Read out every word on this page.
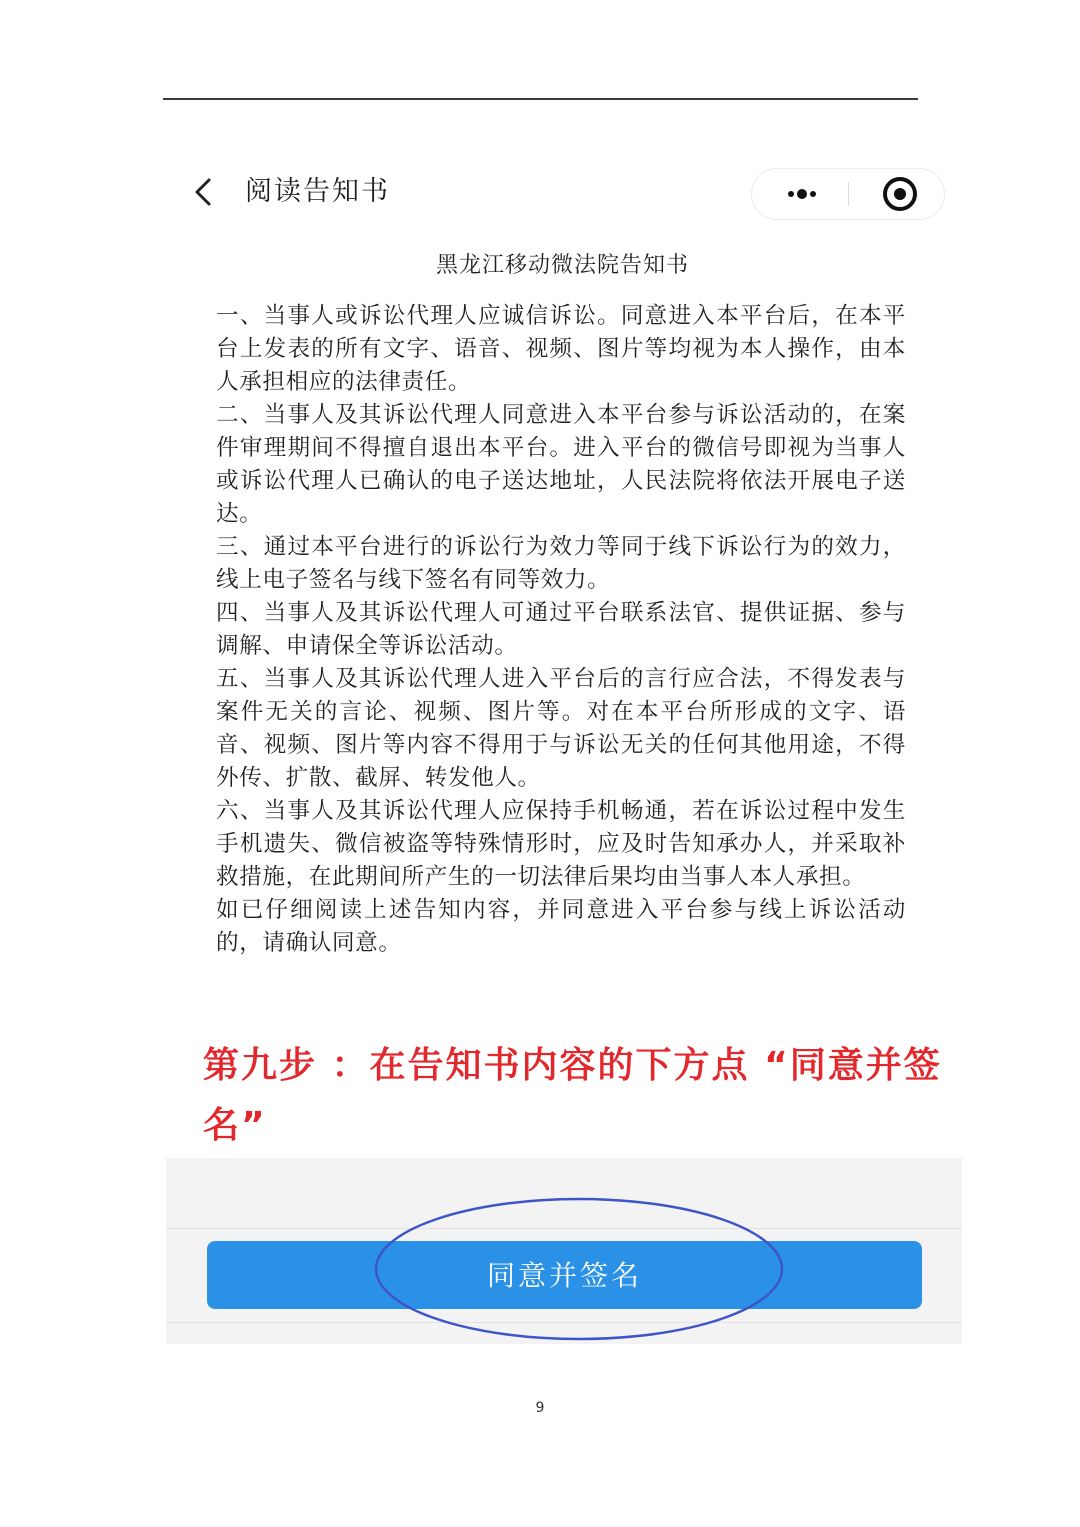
阅读告知书
黑龙江移动微法院告知书

一、当事人或诉讼代理人应诚信诉讼。同意进入本平台后，在本平台上发表的所有文字、语音、视频、图片等均视为本人操作，由本人承担相应的法律责任。

二、当事人及其诉讼代理人同意进入本平台参与诉讼活动的，在案件审理期间不得擅自退出本平台。进入平台的微信号即视为当事人或诉讼代理人已确认的电子送达地址，人民法院将依法开展电子送达。

三、通过本平台进行的诉讼行为效力等同于线下诉讼行为的效力，线上电子签名与线下签名有同等效力。

四、当事人及其诉讼代理人可通过平台联系法官、提供证据、参与调解、申请保全等诉讼活动。

五、当事人及其诉讼代理人进入平台后的言行应合法，不得发表与案件无关的言论、视频、图片等。对在本平台所形成的文字、语音、视频、图片等内容不得用于与诉讼无关的任何其他用途，不得外传、扩散、截屏、转发他人。

六、当事人及其诉讼代理人应保持手机畅通，若在诉讼过程中发生手机遗失、微信被盗等特殊情形时，应及时告知承办人，并采取补救措施，在此期间所产生的一切法律后果均由当事人本人承担。

如已仔细阅读上述告知内容，并同意进入平台参与线上诉讼活动的，请确认同意。

第九步 ：在告知书内容的下方点 “同意并签名”
同意并签名
9
